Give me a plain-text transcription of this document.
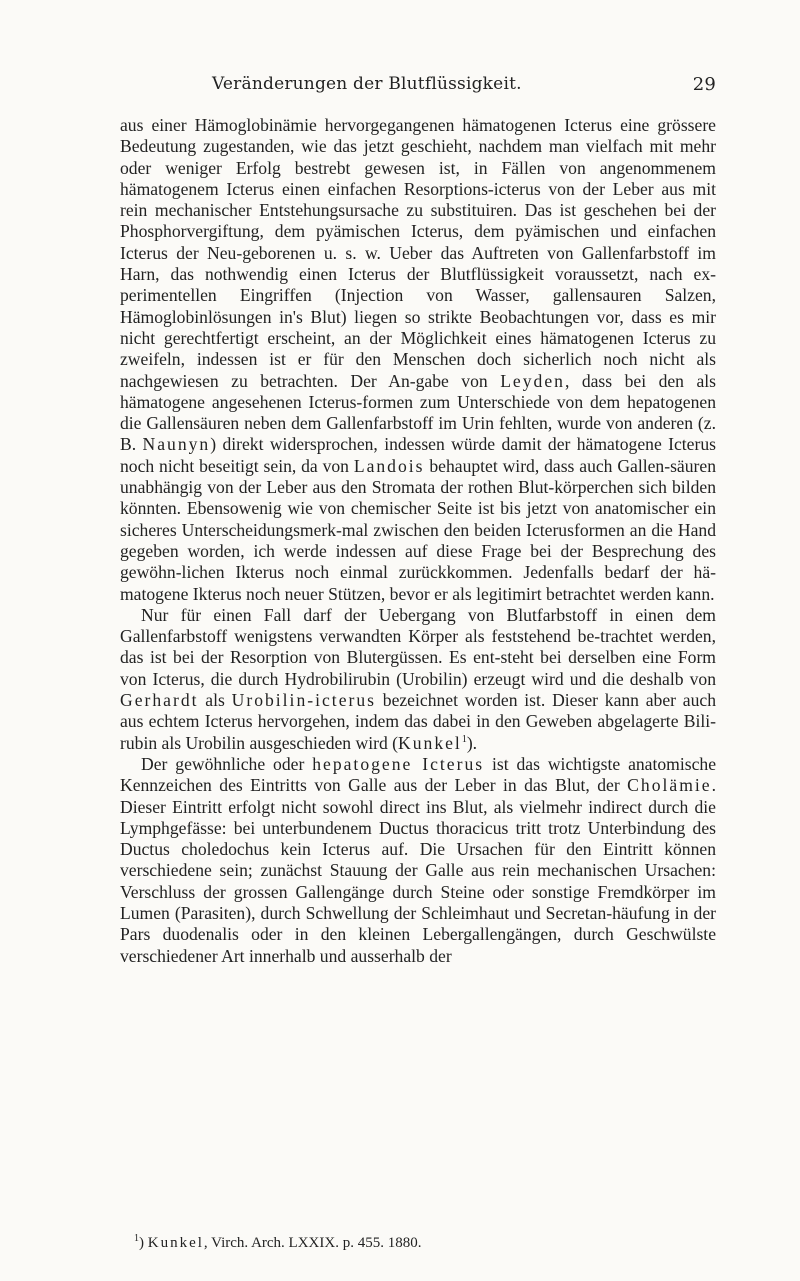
Veränderungen der Blutflüssigkeit.	29

aus einer Hämoglobinämie hervorgegangenen hämatogenen Icterus eine grössere Bedeutung zugestanden, wie das jetzt geschieht, nachdem man vielfach mit mehr oder weniger Erfolg bestrebt gewesen ist, in Fällen von angenommenem hämatogenem Icterus einen einfachen Resorptions-icterus von der Leber aus mit rein mechanischer Entstehungsursache zu substituiren. Das ist geschehen bei der Phosphorvergiftung, dem pyämischen Icterus, dem pyämischen und einfachen Icterus der Neu-geborenen u. s. w. Ueber das Auftreten von Gallenfarbstoff im Harn, das nothwendig einen Icterus der Blutflüssigkeit voraussetzt, nach ex-perimentellen Eingriffen (Injection von Wasser, gallensauren Salzen, Hämoglobinlösungen in's Blut) liegen so strikte Beobachtungen vor, dass es mir nicht gerechtfertigt erscheint, an der Möglichkeit eines hämatogenen Icterus zu zweifeln, indessen ist er für den Menschen doch sicherlich noch nicht als nachgewiesen zu betrachten. Der An-gabe von Leyden, dass bei den als hämatogene angesehenen Icterus-formen zum Unterschiede von dem hepatogenen die Gallensäuren neben dem Gallenfarbstoff im Urin fehlten, wurde von anderen (z. B. Naunyn) direkt widersprochen, indessen würde damit der hämatogene Icterus noch nicht beseitigt sein, da von Landois behauptet wird, dass auch Gallen-säuren unabhängig von der Leber aus den Stromata der rothen Blut-körperchen sich bilden könnten. Ebensowenig wie von chemischer Seite ist bis jetzt von anatomischer ein sicheres Unterscheidungsmerk-mal zwischen den beiden Icterusformen an die Hand gegeben worden, ich werde indessen auf diese Frage bei der Besprechung des gewöhn-lichen Ikterus noch einmal zurückkommen. Jedenfalls bedarf der hä-matogene Ikterus noch neuer Stützen, bevor er als legitimirt betrachtet werden kann.

Nur für einen Fall darf der Uebergang von Blutfarbstoff in einen dem Gallenfarbstoff wenigstens verwandten Körper als feststehend be-trachtet werden, das ist bei der Resorption von Blutergüssen. Es ent-steht bei derselben eine Form von Icterus, die durch Hydrobilirubin (Urobilin) erzeugt wird und die deshalb von Gerhardt als Urobilin-icterus bezeichnet worden ist. Dieser kann aber auch aus echtem Icterus hervorgehen, indem das dabei in den Geweben abgelagerte Bili-rubin als Urobilin ausgeschieden wird (Kunkel$^1$).

Der gewöhnliche oder hepatogene Icterus ist das wichtigste anatomische Kennzeichen des Eintritts von Galle aus der Leber in das Blut, der Cholämie. Dieser Eintritt erfolgt nicht sowohl direct ins Blut, als vielmehr indirect durch die Lymphgefässe: bei unterbundenem Ductus thoracicus tritt trotz Unterbindung des Ductus choledochus kein Icterus auf. Die Ursachen für den Eintritt können verschiedene sein; zunächst Stauung der Galle aus rein mechanischen Ursachen: Verschluss der grossen Gallengänge durch Steine oder sonstige Fremdkörper im Lumen (Parasiten), durch Schwellung der Schleimhaut und Secretan-häufung in der Pars duodenalis oder in den kleinen Lebergallengängen, durch Geschwülste verschiedener Art innerhalb und ausserhalb der

$^1$) Kunkel, Virch. Arch. LXXIX. p. 455. 1880.
